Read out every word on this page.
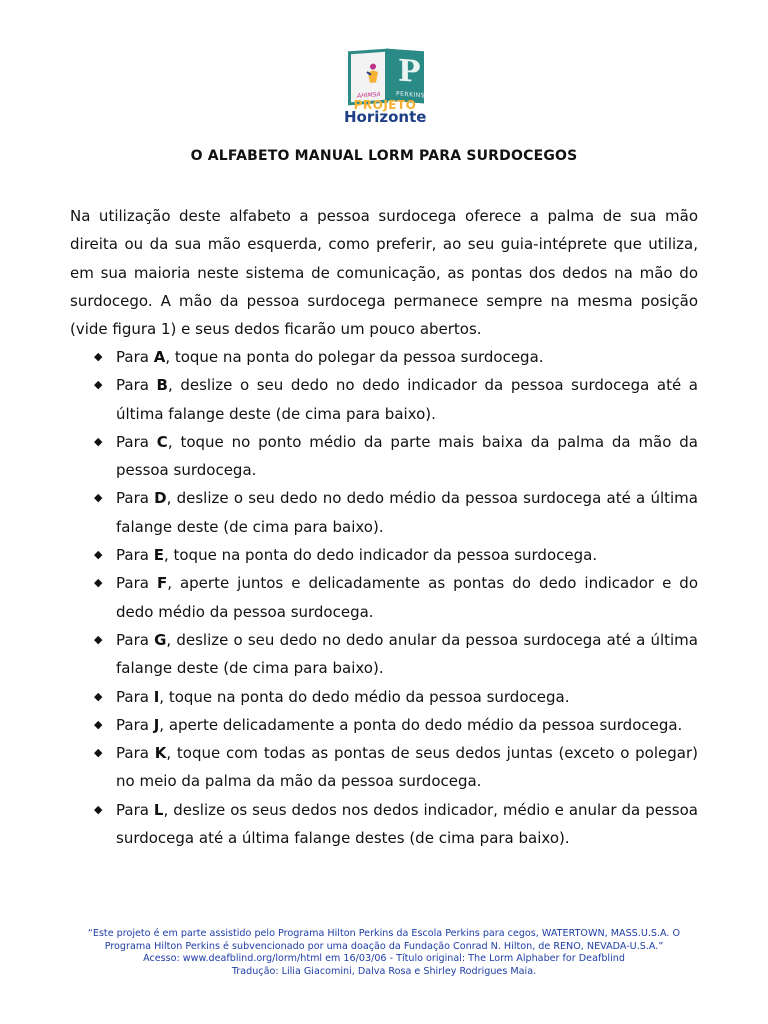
AHIMSA
P
PERKINS
PROJETO
Horizonte
O ALFABETO MANUAL LORM PARA SURDOCEGOS

Na utilização deste alfabeto a pessoa surdocega oferece a palma de sua mão direita ou da sua mão esquerda, como preferir, ao seu guia-intéprete que utiliza, em sua maioria neste sistema de comunicação, as pontas dos dedos na mão do surdocego. A mão da pessoa surdocega permanece sempre na mesma posição (vide figura 1) e seus dedos ficarão um pouco abertos.

◆ Para A, toque na ponta do polegar da pessoa surdocega.
◆ Para B, deslize o seu dedo no dedo indicador da pessoa surdocega até a última falange deste (de cima para baixo).
◆ Para C, toque no ponto médio da parte mais baixa da palma da mão da pessoa surdocega.
◆ Para D, deslize o seu dedo no dedo médio da pessoa surdocega até a última falange deste (de cima para baixo).
◆ Para E, toque na ponta do dedo indicador da pessoa surdocega.
◆ Para F, aperte juntos e delicadamente as pontas do dedo indicador e do dedo médio da pessoa surdocega.
◆ Para G, deslize o seu dedo no dedo anular da pessoa surdocega até a última falange deste (de cima para baixo).
◆ Para I, toque na ponta do dedo médio da pessoa surdocega.
◆ Para J, aperte delicadamente a ponta do dedo médio da pessoa surdocega.
◆ Para K, toque com todas as pontas de seus dedos juntas (exceto o polegar) no meio da palma da mão da pessoa surdocega.
◆ Para L, deslize os seus dedos nos dedos indicador, médio e anular da pessoa surdocega até a última falange destes (de cima para baixo).
“Este projeto é em parte assistido pelo Programa Hilton Perkins da Escola Perkins para cegos, WATERTOWN, MASS.U.S.A. O
Programa Hilton Perkins é subvencionado por uma doação da Fundação Conrad N. Hilton, de RENO, NEVADA-U.S.A.”
Acesso: www.deafblind.org/lorm/html em 16/03/06 - Título original: The Lorm Alphaber for Deafblind
Tradução: Lilia Giacomini, Dalva Rosa e Shirley Rodrigues Maia.
